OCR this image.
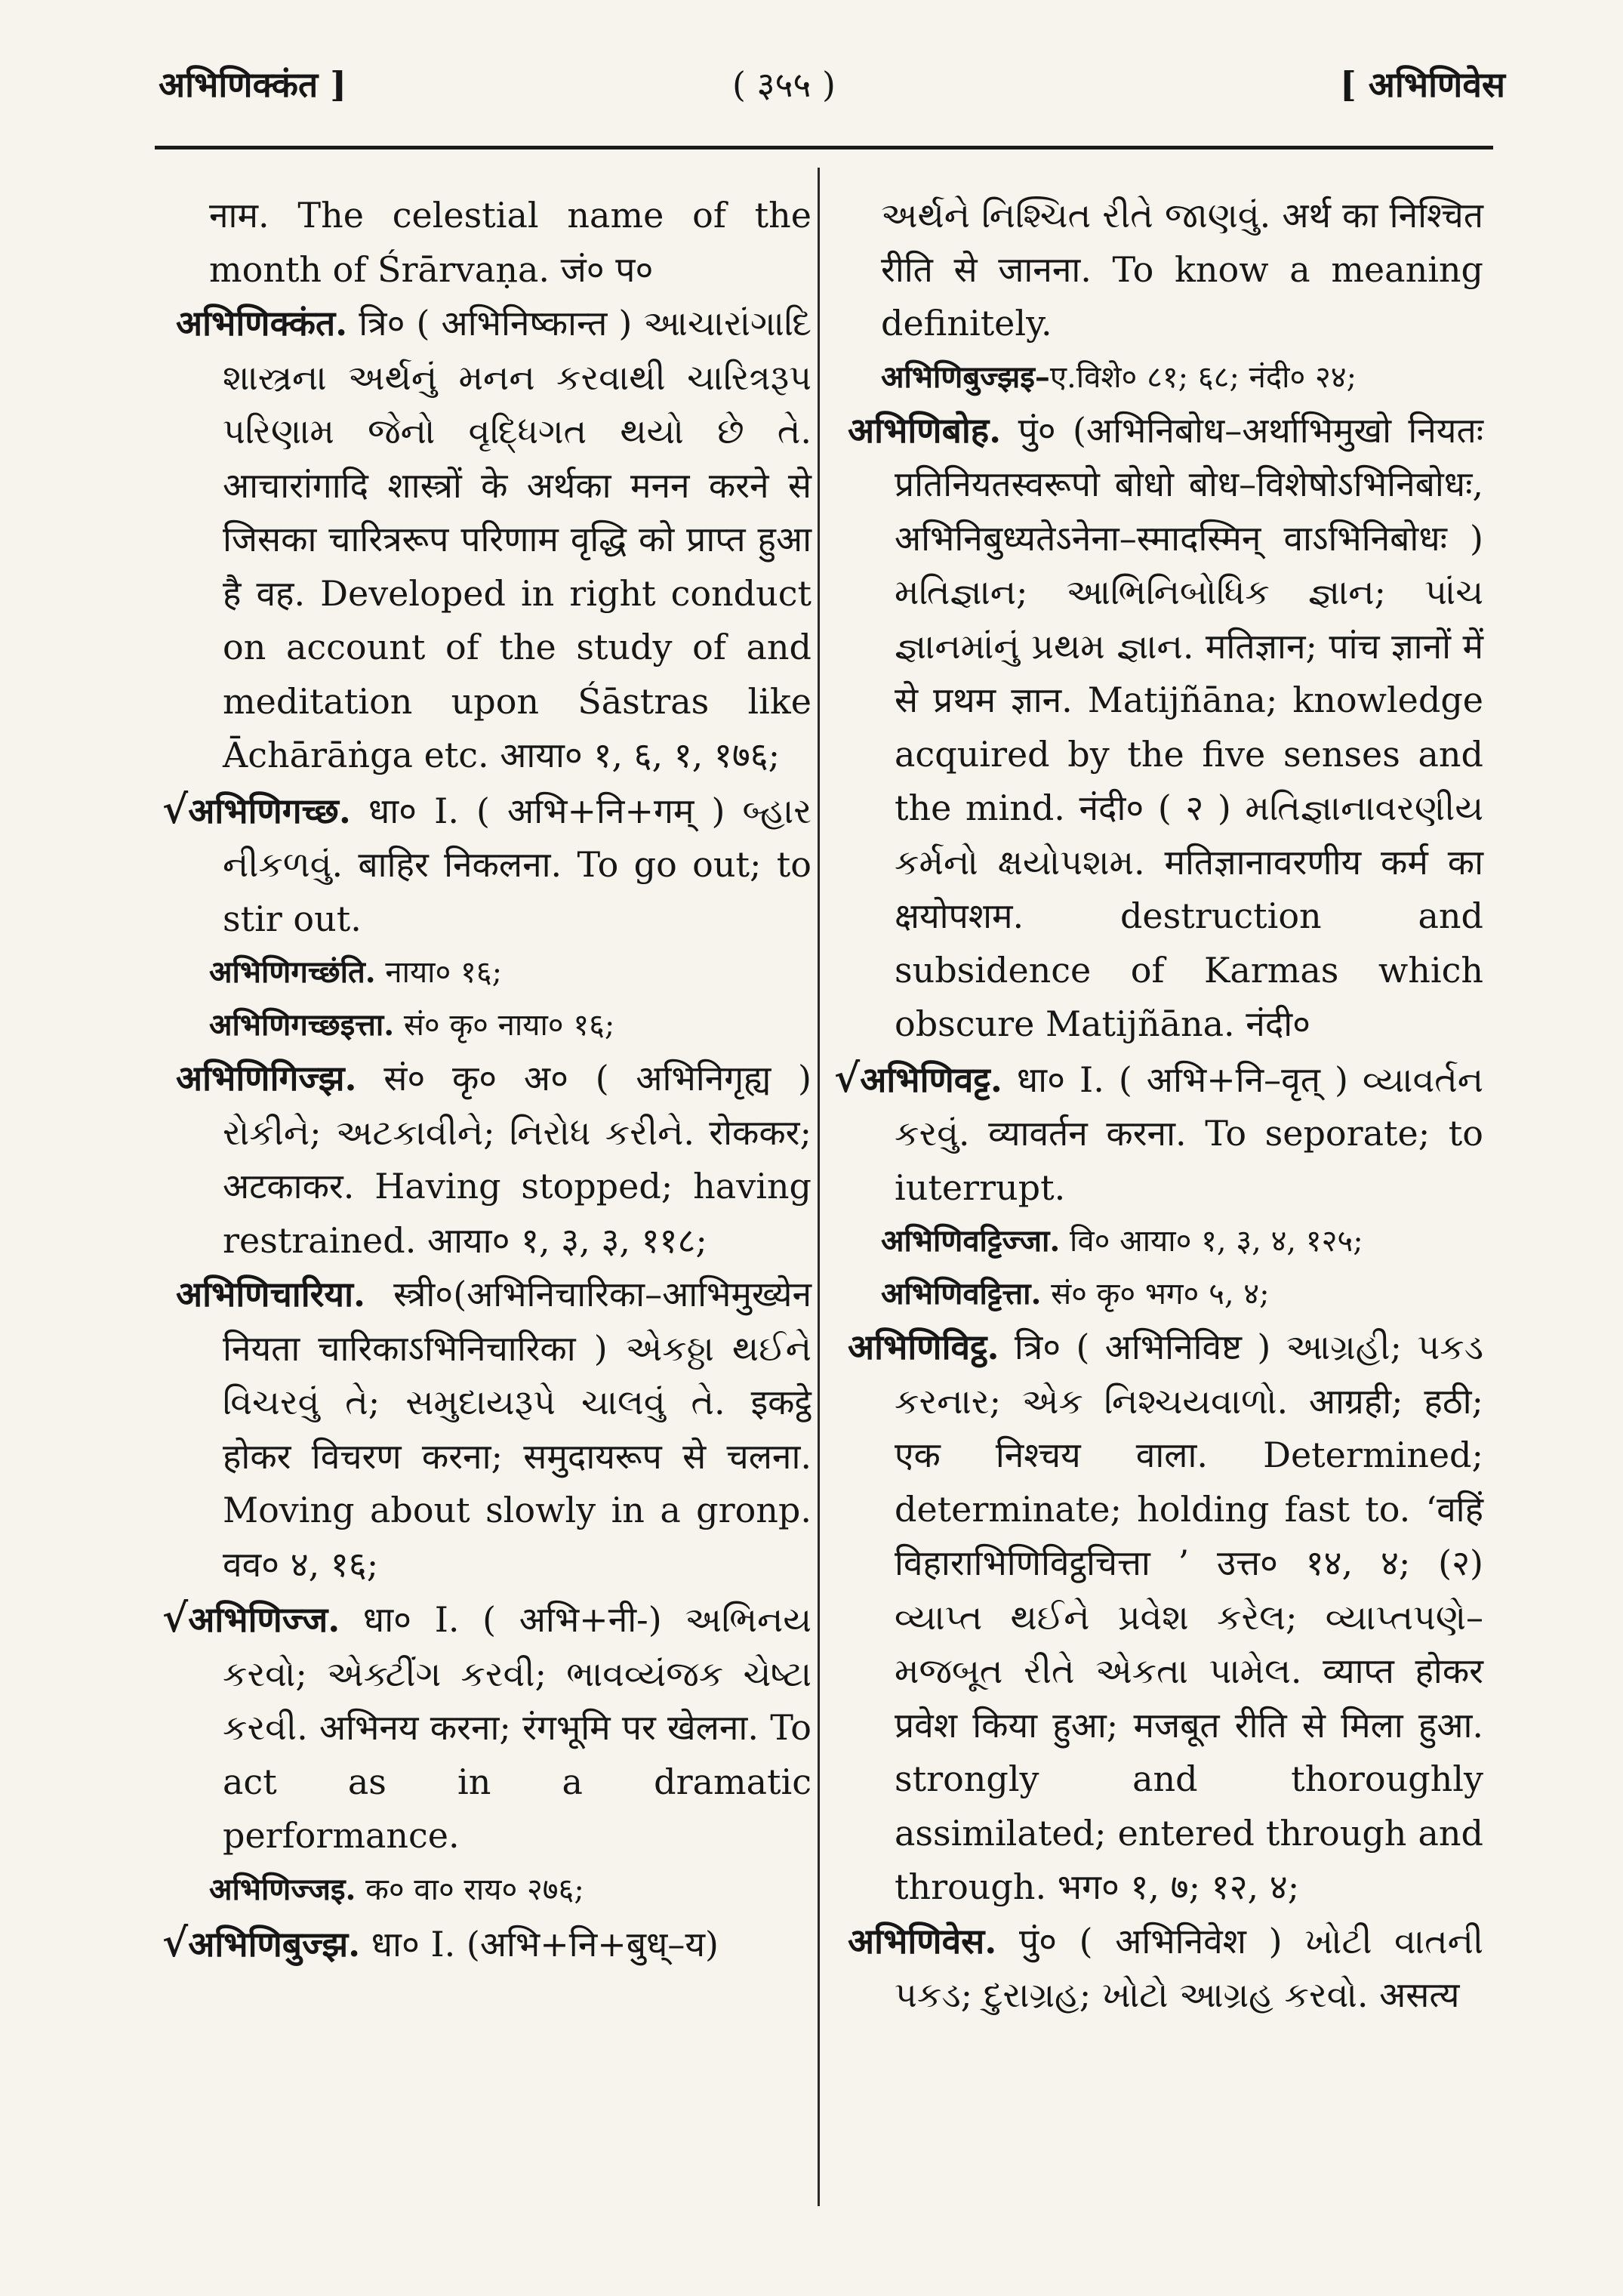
अभिणिक्कंत ]	( ३५५ )	[ अभिणिवेस

नाम. The celestial name of the month of Śrārvaṇa. जं० प०

अभिणिक्कंत. त्रि० ( अभिनिष्कान्त ) આચારાંગાદિ શાસ્ત્રના અર્થનું મનન કરવાથી ચારિત્રરૂપ પરિણામ જેનો વૃદ્ધિગત થયો છે તે. आचारांगादि शास्त्रों के अर्थका मनन करने से जिसका चारित्ररूप परिणाम वृद्धि को प्राप्त हुआ है वह. Developed in right conduct on account of the study of and meditation upon Śāstras like Āchārāṅga etc. आया० १, ६, १, १७६;

√अभिणिगच्छ. धा० I. ( अभि+नि+गम् ) બ્હાર નીકળવું. बाहिर निकलना. To go out; to stir out.

अभिणिगच्छंति. नाया० १६;

अभिणिगच्छइत्ता. सं० कृ० नाया० १६;

अभिणिगिज्झ. सं० कृ० अ० ( अभिनिगृह्य ) રોકીને; અટકાવીને; નિરોધ કરીને. रोककर; अटकाकर. Having stopped; having restrained. आया० १, ३, ३, ११८;

अभिणिचारिया. स्त्री०(अभिनिचारिका–आभिमुख्येन नियता चारिकाऽभिनिचारिका ) એકઠ્ઠા થઈને વિચરવું તે; સમુદાયરૂપે ચાલવું તે. इकट्ठे होकर विचरण करना; समुदायरूप से चलना. Moving about slowly in a gronp. वव० ४, १६;

√अभिणिज्ज. धा० I. ( अभि+नी-) અભિનય કરવો; એક્ટીંગ કરવી; ભાવવ્યંજક ચેષ્ટા કરવી. अभिनय करना; रंगभूमि पर खेलना. To act as in a dramatic performance.

अभिणिज्जइ. क० वा० राय० २७६;

√अभिणिबुज्झ. धा० I. (अभि+नि+बुध्–य)

અર્થને નિશ્ચિત રીતે જાણવું. अर्थ का निश्चित रीति से जानना. To know a meaning definitely.

अभिणिबुज्झइ–ए.विशे० ८१; ६८; नंदी० २४;

अभिणिबोह. पुं० (अभिनिबोध–अर्थाभिमुखो नियतः प्रतिनियतस्वरूपो बोधो बोध–विशेषोऽभिनिबोधः, अभिनिबुध्यतेऽनेना–स्मादस्मिन् वाऽभिनिबोधः ) મતિજ્ઞાન; આભિનિબોધિક જ્ઞાન; પાંચ જ્ઞાનમાંનું પ્રથમ જ્ઞાન. मतिज्ञान; पांच ज्ञानों में से प्रथम ज्ञान. Matijñāna; knowledge acquired by the five senses and the mind. नंदी० ( २ ) મતિજ્ઞાનાવરણીય કર્મનો ક્ષયોપશમ. मतिज्ञानावरणीय कर्म का क्षयोपशम. destruction and subsidence of Karmas which obscure Matijñāna. नंदी०

√अभिणिवट्ट. धा० I. ( अभि+नि–वृत् ) વ્યાવર્તન કરવું. व्यावर्तन करना. To seporate; to iuterrupt.

अभिणिवट्टिज्जा. वि० आया० १, ३, ४, १२५;

अभिणिवट्टित्ता. सं० कृ० भग० ५, ४;

अभिणिविट्ठ. त्रि० ( अभिनिविष्ट ) આગ્રહી; પકડ કરનાર; એક નિશ્ચયવાળો. आग्रही; हठी; एक निश्चय वाला. Determined; determinate; holding fast to. ‘वहिं विहाराभिणिविट्ठचित्ता ’ उत्त० १४, ४; (२) વ્યાપ્ત થઈને પ્રવેશ કરેલ; વ્યાપ્તપણે–મજબૂત રીતે એકતા પામેલ. व्याप्त होकर प्रवेश किया हुआ; मजबूत रीति से मिला हुआ. strongly and thoroughly assimilated; entered through and through. भग० १, ७; १२, ४;

अभिणिवेस. पुं० ( अभिनिवेश ) ખોટી વાતની પકડ; દુરાગ્રહ; ખોટો આગ્રહ કરવો. असत्य
